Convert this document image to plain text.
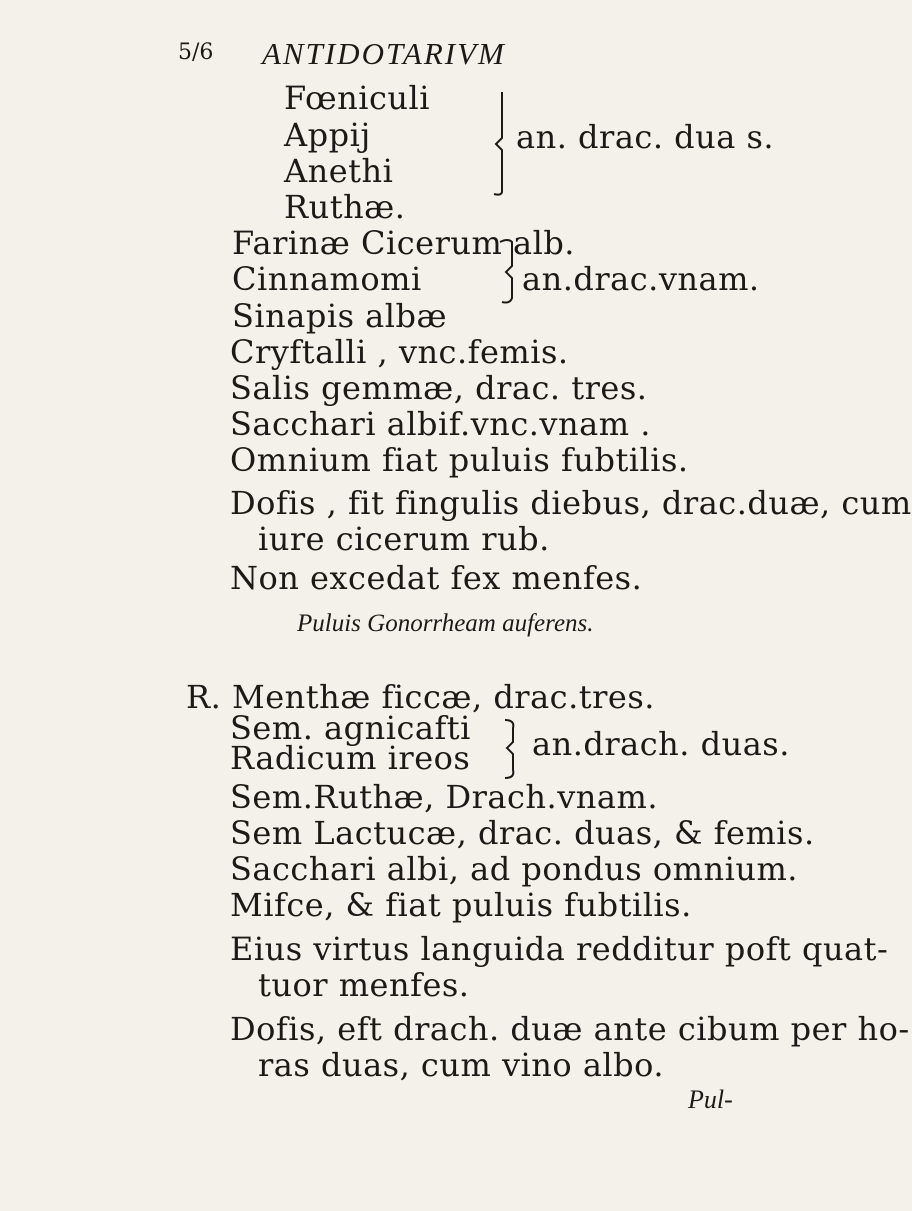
5/6 ANTIDOTARIVM
Fœniculi
Appij
Anethi
Ruthæ.
an. drac. dua s.
Farinæ Cicerum alb.
Cinnamomi
Sinapis albæ
an.drac.vnam.
Cryftalli , vnc.femis.
Salis gemmæ, drac. tres.
Sacchari albif.vnc.vnam .
Omnium fiat puluis fubtilis.
Dofis , fit fingulis diebus, drac.duæ, cum
iure cicerum rub.
Non excedat fex menfes.
Puluis Gonorrheam auferens.
R. Menthæ ficcæ, drac.tres.
Sem. agnicafti
Radicum ireos an.drach. duas.
Sem.Ruthæ, Drach.vnam.
Sem Lactucæ, drac. duas, & femis.
Sacchari albi, ad pondus omnium.
Mifce, & fiat puluis fubtilis.
Eius virtus languida redditur poft quat-
tuor menfes.
Dofis, eft drach. duæ ante cibum per ho-
ras duas, cum vino albo.
Pul-
